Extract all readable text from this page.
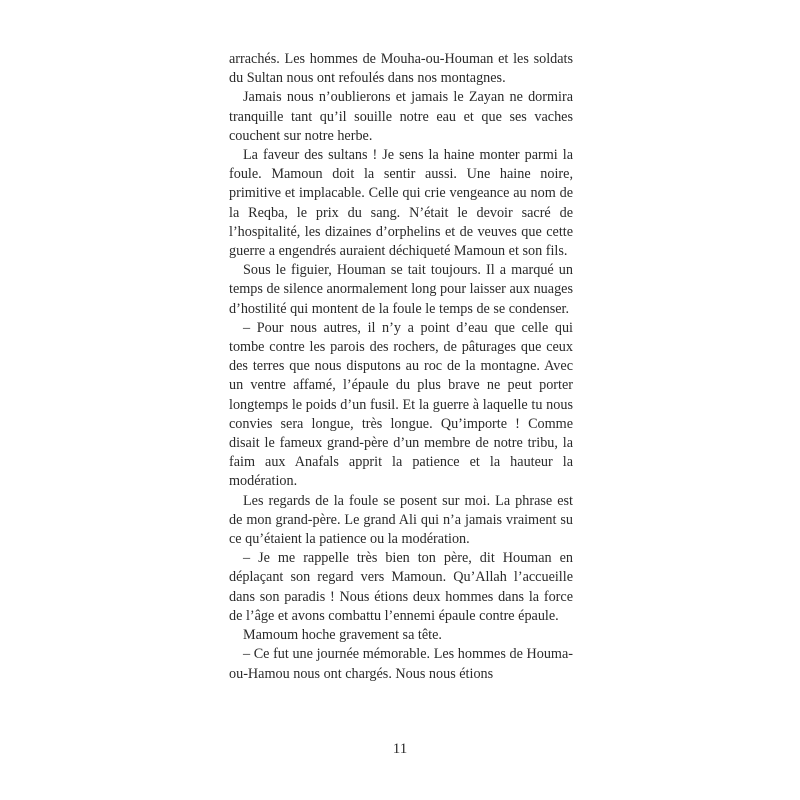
arrachés. Les hommes de Mouha-ou-Houman et les soldats du Sultan nous ont refoulés dans nos montagnes.

Jamais nous n’oublierons et jamais le Zayan ne dormira tranquille tant qu’il souille notre eau et que ses vaches couchent sur notre herbe.

La faveur des sultans ! Je sens la haine monter parmi la foule. Mamoun doit la sentir aussi. Une haine noire, primitive et implacable. Celle qui crie vengeance au nom de la Reqba, le prix du sang. N’était le devoir sacré de l’hospitalité, les dizaines d’orphelins et de veuves que cette guerre a engendrés auraient déchiqueté Mamoun et son fils.

Sous le figuier, Houman se tait toujours. Il a marqué un temps de silence anormalement long pour laisser aux nuages d’hostilité qui montent de la foule le temps de se condenser.

– Pour nous autres, il n’y a point d’eau que celle qui tombe contre les parois des rochers, de pâturages que ceux des terres que nous disputons au roc de la montagne. Avec un ventre affamé, l’épaule du plus brave ne peut porter longtemps le poids d’un fusil. Et la guerre à laquelle tu nous convies sera longue, très longue. Qu’importe ! Comme disait le fameux grand-père d’un membre de notre tribu, la faim aux Anafals apprit la patience et la hauteur la modération.

Les regards de la foule se posent sur moi. La phrase est de mon grand-père. Le grand Ali qui n’a jamais vraiment su ce qu’étaient la patience ou la modération.

– Je me rappelle très bien ton père, dit Houman en déplaçant son regard vers Mamoun. Qu’Allah l’accueille dans son paradis ! Nous étions deux hommes dans la force de l’âge et avons combattu l’ennemi épaule contre épaule.

Mamoum hoche gravement sa tête.

– Ce fut une journée mémorable. Les hommes de Houma-ou-Hamou nous ont chargés. Nous nous étions

11
